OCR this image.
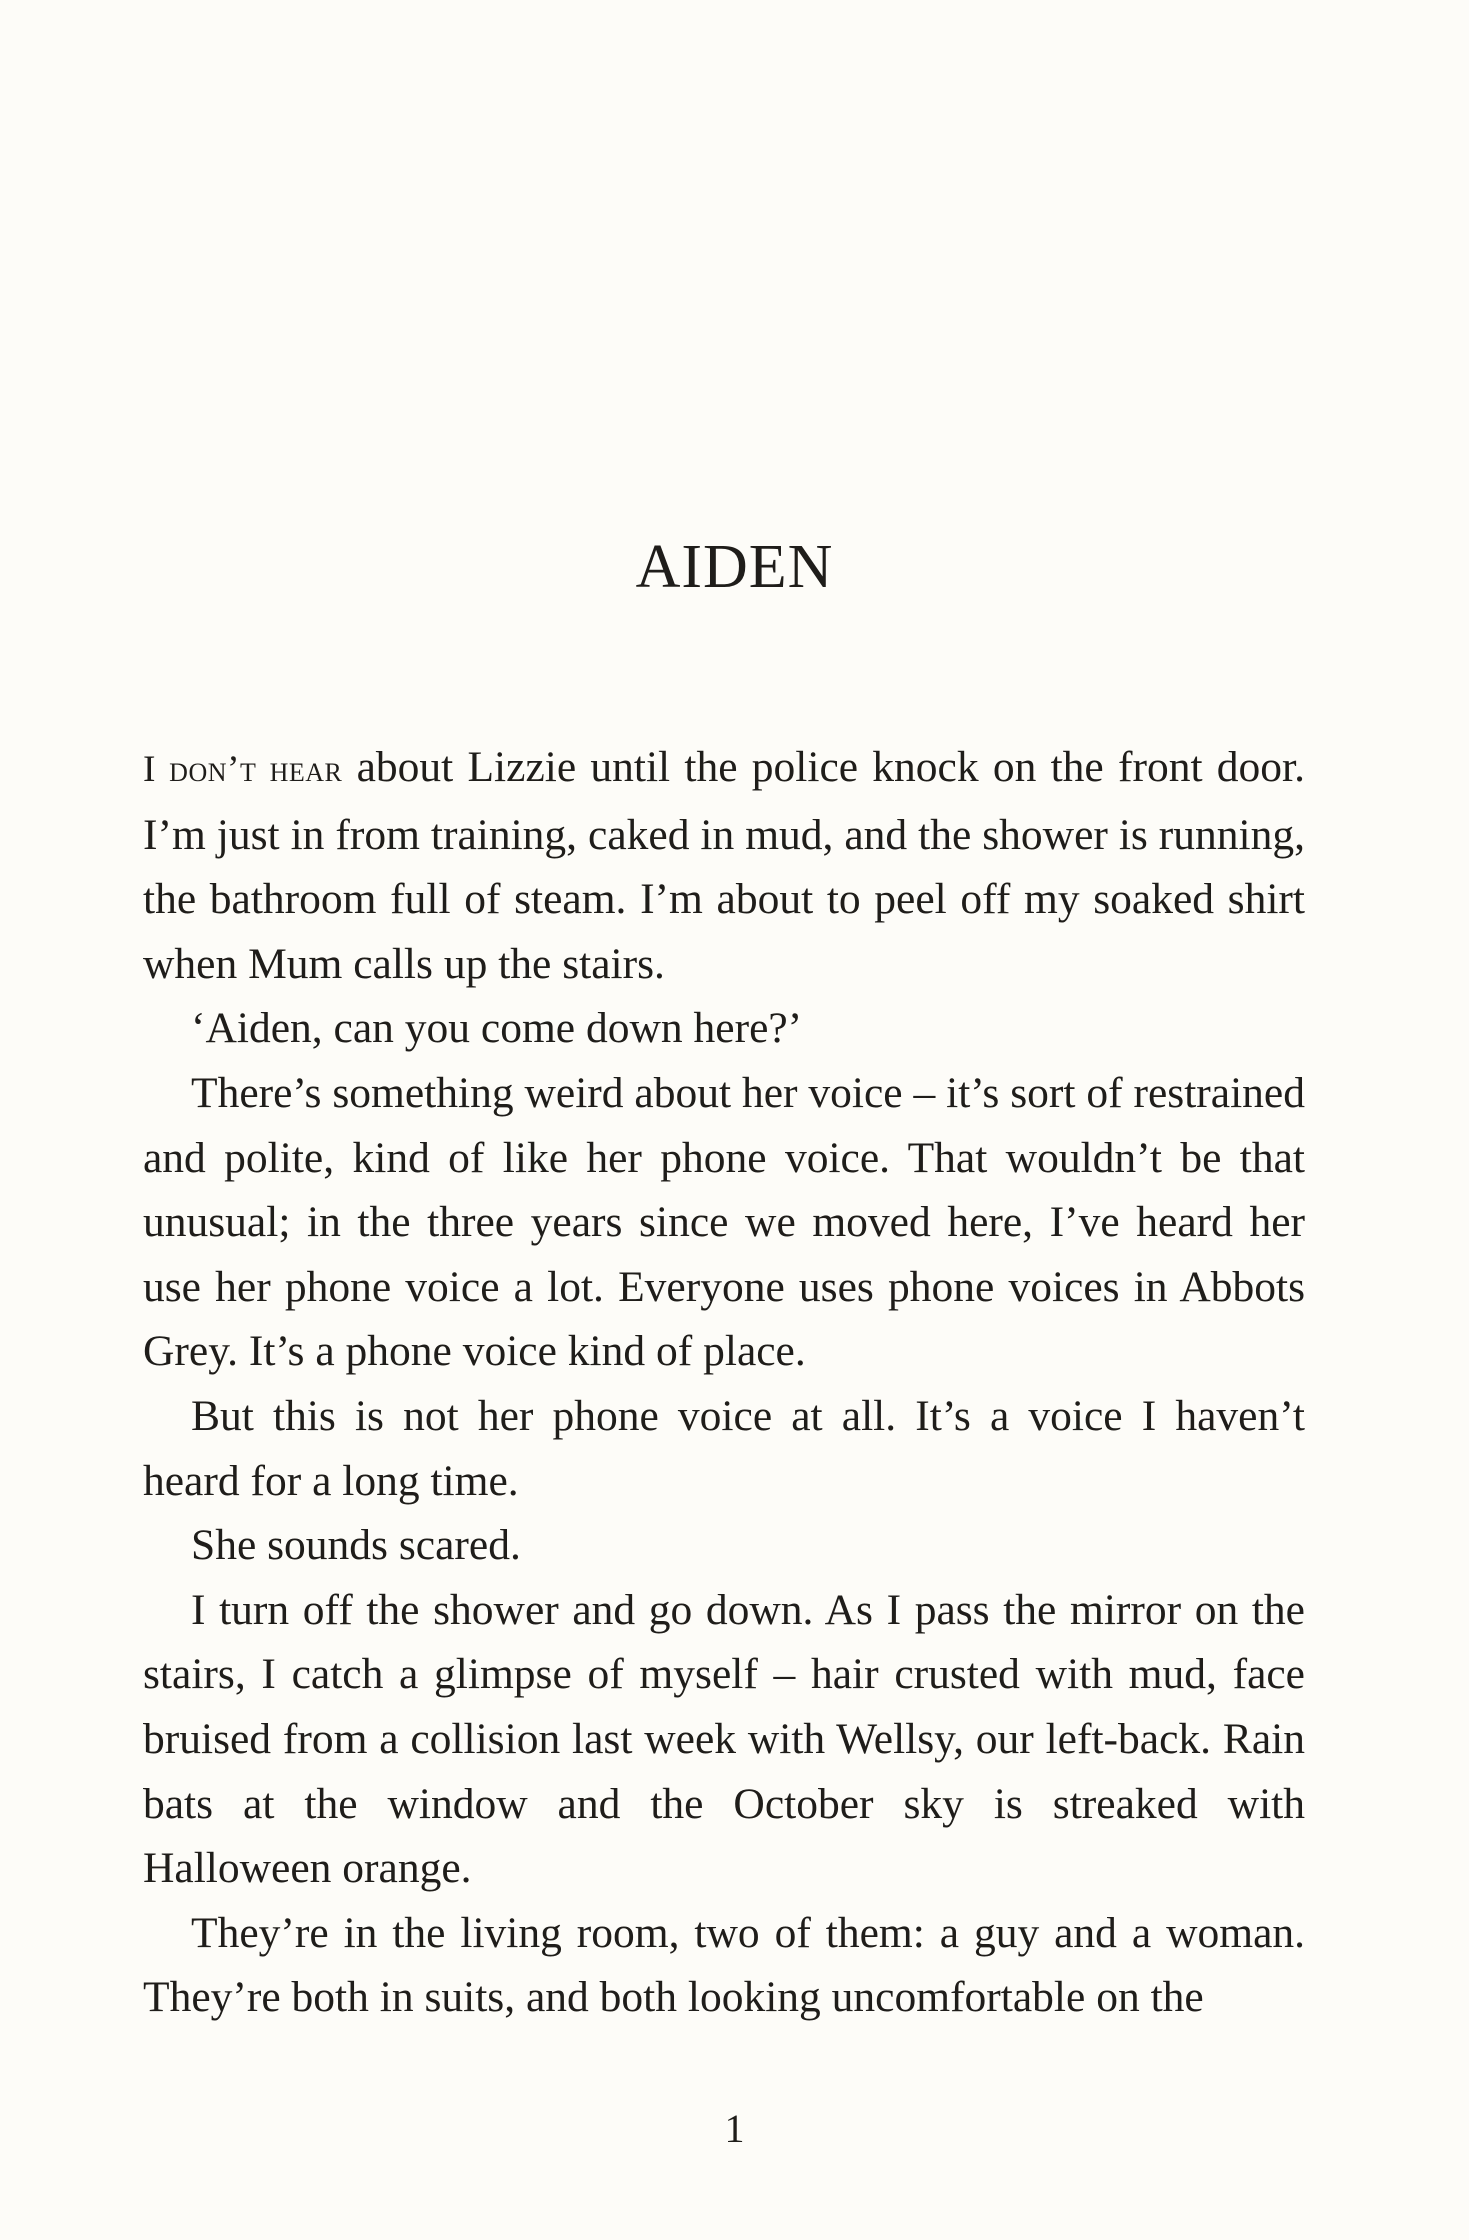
AIDEN

I don’t hear about Lizzie until the police knock on the front door. I’m just in from training, caked in mud, and the shower is running, the bathroom full of steam. I’m about to peel off my soaked shirt when Mum calls up the stairs.

‘Aiden, can you come down here?’

There’s something weird about her voice – it’s sort of restrained and polite, kind of like her phone voice. That wouldn’t be that unusual; in the three years since we moved here, I’ve heard her use her phone voice a lot. Everyone uses phone voices in Abbots Grey. It’s a phone voice kind of place.

But this is not her phone voice at all. It’s a voice I haven’t heard for a long time.

She sounds scared.

I turn off the shower and go down. As I pass the mirror on the stairs, I catch a glimpse of myself – hair crusted with mud, face bruised from a collision last week with Wellsy, our left-back. Rain bats at the window and the October sky is streaked with Halloween orange.

They’re in the living room, two of them: a guy and a woman. They’re both in suits, and both looking uncomfortable on the

1
